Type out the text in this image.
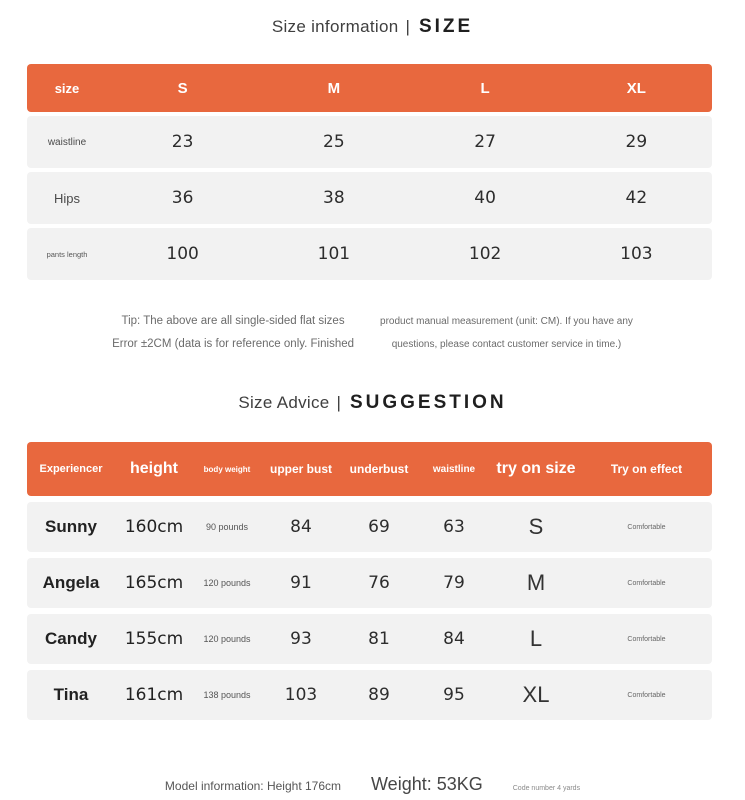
Size information | SIZE
size	S	M	L	XL
waistline	23	25	27	29
Hips	36	38	40	42
pants length	100	101	102	103
Tip: The above are all single-sided flat sizes
Error ±2CM (data is for reference only. Finished
product manual measurement (unit: CM). If you have any
questions, please contact customer service in time.)
Size Advice | SUGGESTION
Experiencer	height	body weight	upper bust	underbust	waistline	try on size	Try on effect
Sunny	160cm	90 pounds	84	69	63	S	Comfortable
Angela	165cm	120 pounds	91	76	79	M	Comfortable
Candy	155cm	120 pounds	93	81	84	L	Comfortable
Tina	161cm	138 pounds	103	89	95	XL	Comfortable
Model information: Height 176cm Weight: 53KG	Code number 4 yards
